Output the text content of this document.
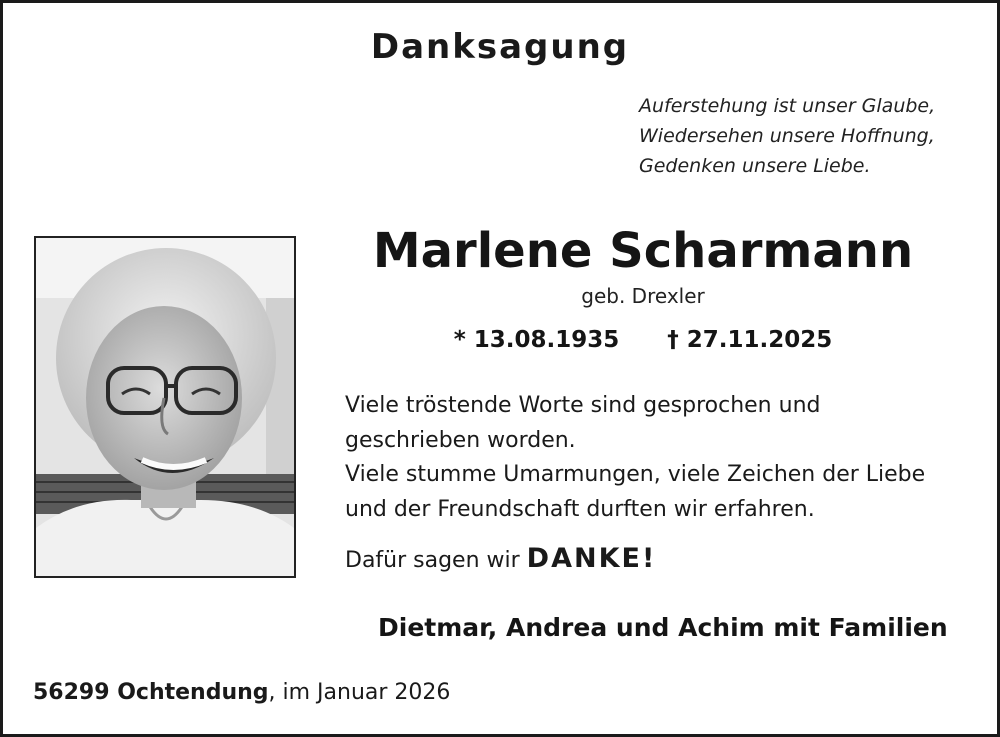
Danksagung
Auferstehung ist unser Glaube,
Wiedersehen unsere Hoffnung,
Gedenken unsere Liebe.
Marlene Scharmann
geb. Drexler
* 13.08.1935 † 27.11.2025
Viele tröstende Worte sind gesprochen und
geschrieben worden.
Viele stumme Umarmungen, viele Zeichen der Liebe
und der Freundschaft durften wir erfahren.
Dafür sagen wir DANKE!
Dietmar, Andrea und Achim mit Familien
56299 Ochtendung, im Januar 2026
